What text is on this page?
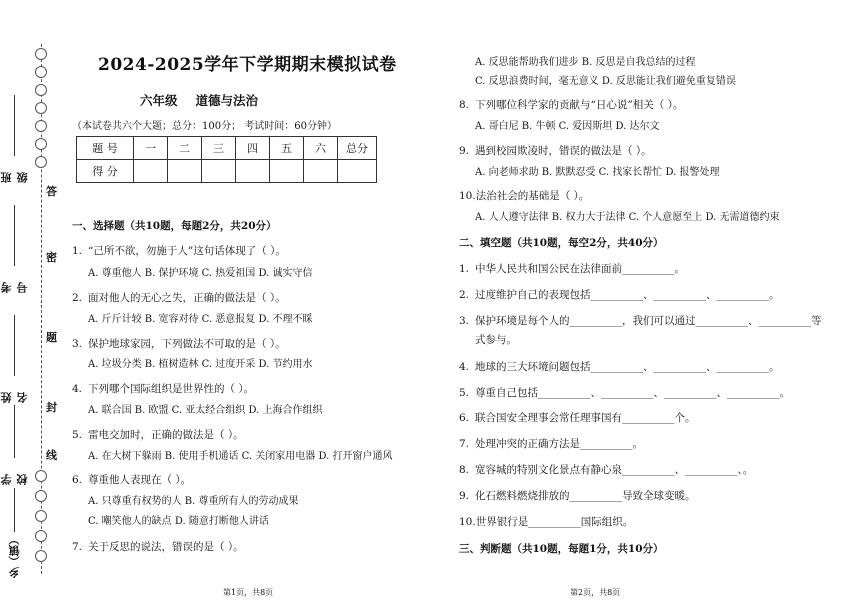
答
密
题
封
线
班级
考号
姓名
学校
乡（镇）
2024-2025学年下学期期末模拟试卷
六年级 道德与法治
（本试卷共六个大题；总分：100分； 考试时间：60分钟）
题 号	一	二	三	四	五	六	总分
得 分							
一、选择题（共10题，每题2分，共20分）
1. “己所不欲，勿施于人”这句话体现了（ ）。
A. 尊重他人 B. 保护环境 C. 热爱祖国 D. 诚实守信
2. 面对他人的无心之失，正确的做法是（ ）。
A. 斤斤计较 B. 宽容对待 C. 恶意报复 D. 不理不睬
3. 保护地球家园，下列做法不可取的是（ ）。
A. 垃圾分类 B. 植树造林 C. 过度开采 D. 节约用水
4. 下列哪个国际组织是世界性的（ ）。
A. 联合国 B. 欧盟 C. 亚太经合组织 D. 上海合作组织
5. 雷电交加时，正确的做法是（ ）。
A. 在大树下躲雨 B. 使用手机通话 C. 关闭家用电器 D. 打开窗户通风
6. 尊重他人表现在（ ）。
A. 只尊重有权势的人 B. 尊重所有人的劳动成果
C. 嘲笑他人的缺点 D. 随意打断他人讲话
7. 关于反思的说法，错误的是（ ）。
第1页，共8页
A. 反思能帮助我们进步 B. 反思是自我总结的过程
C. 反思浪费时间，毫无意义 D. 反思能让我们避免重复错误
8. 下列哪位科学家的贡献与“日心说”相关（ ）。
A. 哥白尼 B. 牛顿 C. 爱因斯坦 D. 达尔文
9. 遇到校园欺凌时，错误的做法是（ ）。
A. 向老师求助 B. 默默忍受 C. 找家长帮忙 D. 报警处理
10.法治社会的基础是（ ）。
A. 人人遵守法律 B. 权力大于法律 C. 个人意愿至上 D. 无需道德约束
二、填空题（共10题，每空2分，共40分）
1. 中华人民共和国公民在法律面前__________。
2. 过度维护自己的表现包括__________、__________、__________。
3. 保护环境是每个人的__________，我们可以通过__________、__________等
式参与。
4. 地球的三大环境问题包括__________、__________、__________。
5. 尊重自己包括__________、__________、__________、__________。
6. 联合国安全理事会常任理事国有__________个。
7. 处理冲突的正确方法是__________。
8. 宽容城的特别文化景点有静心泉__________、__________、。
9. 化石燃料燃烧排放的__________导致全球变暖。
10.世界银行是__________国际组织。
三、判断题（共10题，每题1分，共10分）
第2页，共8页
